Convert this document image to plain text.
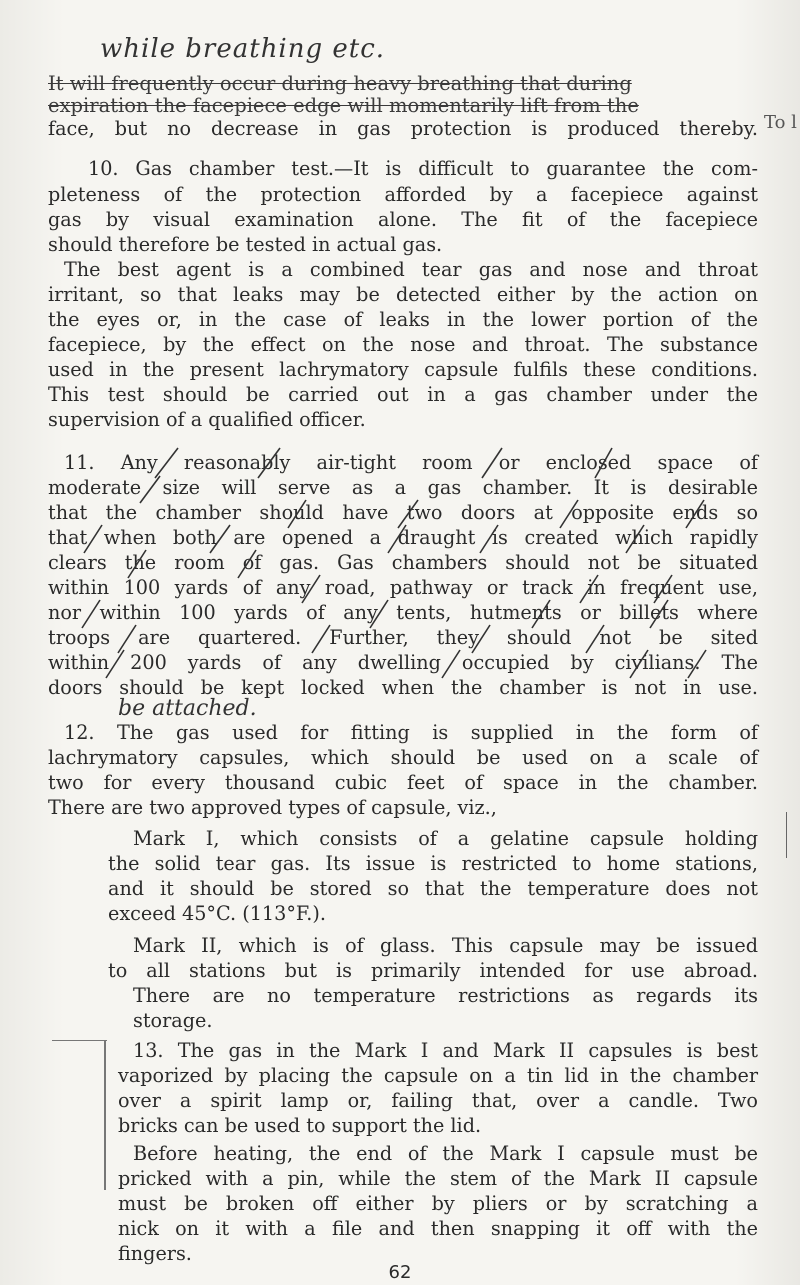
while breathing etc.
It will frequently occur during heavy breathing that during
expiration the facepiece edge will momentarily lift from the
face, but no decrease in gas protection is produced thereby. To l
10. Gas chamber test.—It is difficult to guarantee the com-
pleteness of the protection afforded by a facepiece against
gas by visual examination alone. The fit of the facepiece
should therefore be tested in actual gas.
The best agent is a combined tear gas and nose and throat
irritant, so that leaks may be detected either by the action on
the eyes or, in the case of leaks in the lower portion of the
facepiece, by the effect on the nose and throat. The substance
used in the present lachrymatory capsule fulfils these conditions.
This test should be carried out in a gas chamber under the
supervision of a qualified officer.
11. Any reasonably air-tight room or enclosed space of
moderate size will serve as a gas chamber. It is desirable
that the chamber should have two doors at opposite ends so
that when both are opened a draught is created which rapidly
clears the room of gas. Gas chambers should not be situated
within 100 yards of any road, pathway or track in frequent use,
nor within 100 yards of any tents, hutments or billets where
troops are quartered. Further, they should not be sited
within 200 yards of any dwelling occupied by civilians. The
doors should be kept locked when the chamber is not in use.
be attached.
12. The gas used for fitting is supplied in the form of
lachrymatory capsules, which should be used on a scale of
two for every thousand cubic feet of space in the chamber.
There are two approved types of capsule, viz.,
Mark I, which consists of a gelatine capsule holding
the solid tear gas. Its issue is restricted to home stations,
and it should be stored so that the temperature does not
exceed 45°C. (113°F.).
Mark II, which is of glass. This capsule may be issued
to all stations but is primarily intended for use abroad.
There are no temperature restrictions as regards its
storage.
13. The gas in the Mark I and Mark II capsules is best
vaporized by placing the capsule on a tin lid in the chamber
over a spirit lamp or, failing that, over a candle. Two
bricks can be used to support the lid.
Before heating, the end of the Mark I capsule must be
pricked with a pin, while the stem of the Mark II capsule
must be broken off either by pliers or by scratching a
nick on it with a file and then snapping it off with the
fingers.
62
